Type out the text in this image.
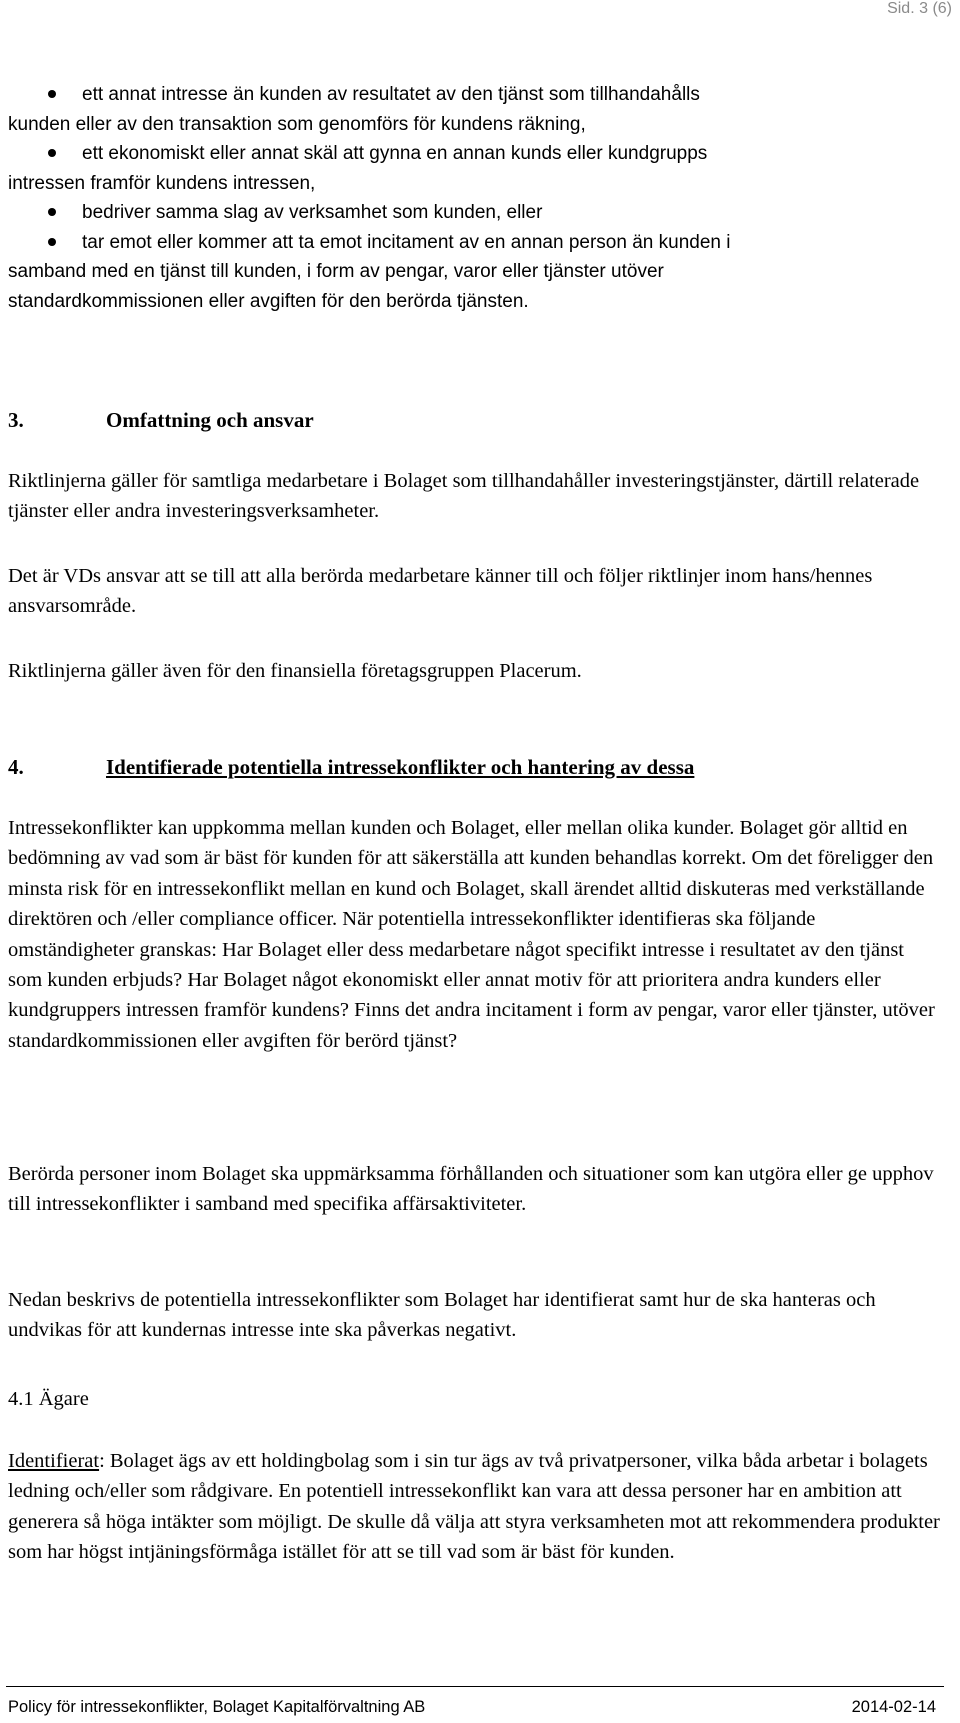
Sid. 3 (6)
ett annat intresse än kunden av resultatet av den tjänst som tillhandahålls
kunden eller av den transaktion som genomförs för kundens räkning,
ett ekonomiskt eller annat skäl att gynna en annan kunds eller kundgrupps
intressen framför kundens intressen,
bedriver samma slag av verksamhet som kunden, eller
tar emot eller kommer att ta emot incitament av en annan person än kunden i
samband med en tjänst till kunden, i form av pengar, varor eller tjänster utöver
standardkommissionen eller avgiften för den berörda tjänsten.
3.	Omfattning och ansvar
Riktlinjerna gäller för samtliga medarbetare i Bolaget som tillhandahåller investeringstjänster, därtill relaterade tjänster eller andra investeringsverksamheter.
Det är VDs ansvar att se till att alla berörda medarbetare känner till och följer riktlinjer inom hans/hennes ansvarsområde.
Riktlinjerna gäller även för den finansiella företagsgruppen Placerum.
4.	Identifierade potentiella intressekonflikter och hantering av dessa
Intressekonflikter kan uppkomma mellan kunden och Bolaget, eller mellan olika kunder. Bolaget gör alltid en bedömning av vad som är bäst för kunden för att säkerställa att kunden behandlas korrekt. Om det föreligger den minsta risk för en intressekonflikt mellan en kund och Bolaget, skall ärendet alltid diskuteras med verkställande direktören och /eller compliance officer. När potentiella intressekonflikter identifieras ska följande omständigheter granskas: Har Bolaget eller dess medarbetare något specifikt intresse i resultatet av den tjänst som kunden erbjuds? Har Bolaget något ekonomiskt eller annat motiv för att prioritera andra kunders eller kundgruppers intressen framför kundens? Finns det andra incitament i form av pengar, varor eller tjänster, utöver standardkommissionen eller avgiften för berörd tjänst?
Berörda personer inom Bolaget ska uppmärksamma förhållanden och situationer som kan utgöra eller ge upphov till intressekonflikter i samband med specifika affärsaktiviteter.
Nedan beskrivs de potentiella intressekonflikter som Bolaget har identifierat samt hur de ska hanteras och undvikas för att kundernas intresse inte ska påverkas negativt.
4.1 Ägare
Identifierat: Bolaget ägs av ett holdingbolag som i sin tur ägs av två privatpersoner, vilka båda arbetar i bolagets ledning och/eller som rådgivare. En potentiell intressekonflikt kan vara att dessa personer har en ambition att generera så höga intäkter som möjligt. De skulle då välja att styra verksamheten mot att rekommendera produkter som har högst intjäningsförmåga istället för att se till vad som är bäst för kunden.
Policy för intressekonflikter, Bolaget Kapitalförvaltning AB	2014-02-14
